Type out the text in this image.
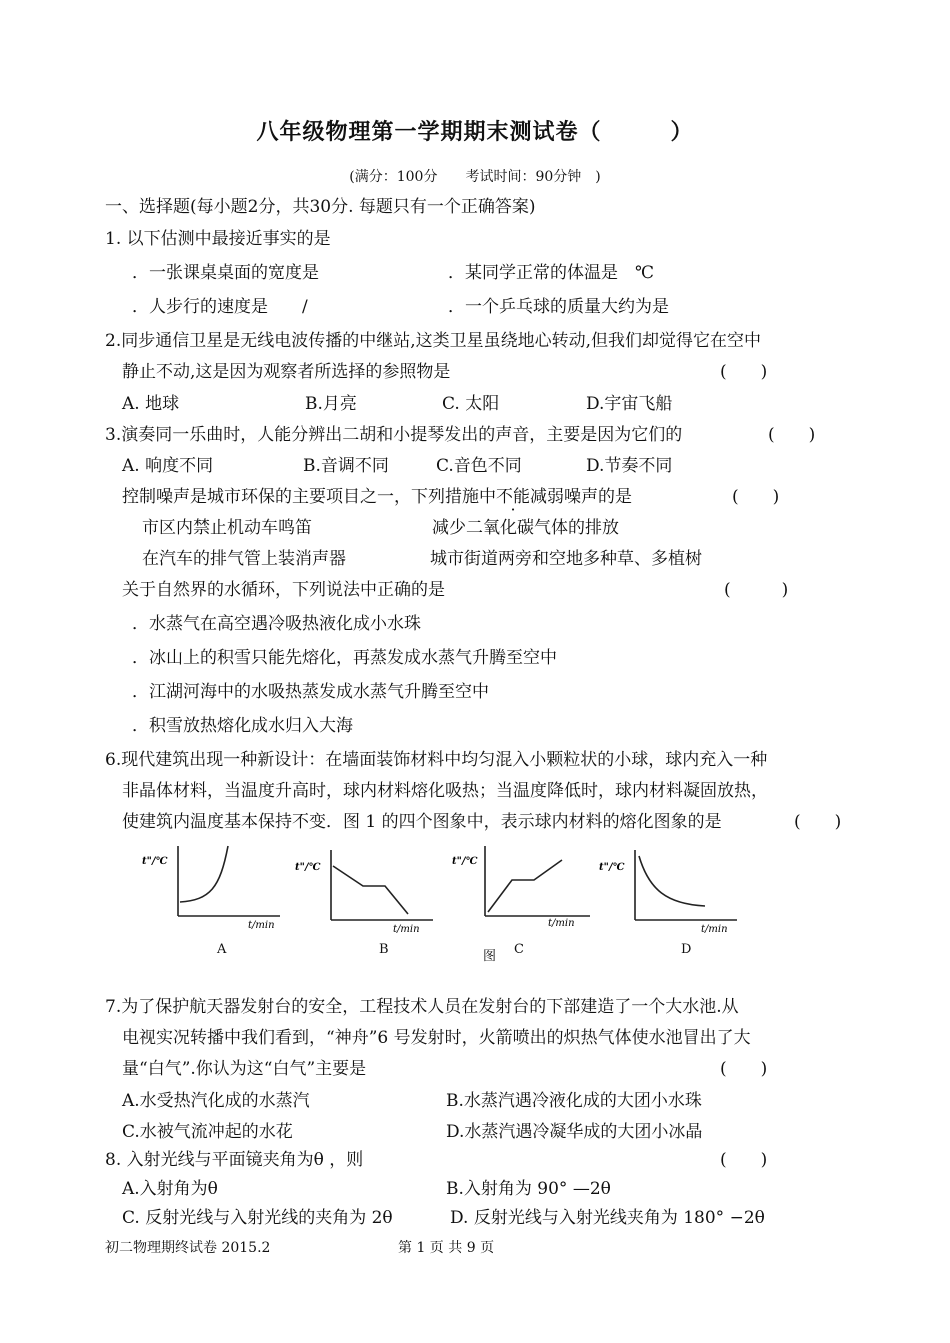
八年级物理第一学期期末测试卷（　　　）
(满分：100分　　考试时间：90分钟　)
一、选择题(每小题2分，共30分. 每题只有一个正确答案)
1. 以下估测中最接近事实的是
．一张课桌桌面的宽度是	．某同学正常的体温是　℃
．人步行的速度是　　/	．一个乒乓球的质量大约为是
2.同步通信卫星是无线电波传播的中继站,这类卫星虽绕地心转动,但我们却觉得它在空中
静止不动,这是因为观察者所选择的参照物是	(　　)
A. 地球	B.月亮	C. 太阳	D.宇宙飞船
3.演奏同一乐曲时，人能分辨出二胡和小提琴发出的声音，主要是因为它们的	(　　)
A. 响度不同	B.音调不同	C.音色不同	D.节奏不同
控制噪声是城市环保的主要项目之一，下列措施中不能减弱噪声的是	(　　)
市区内禁止机动车鸣笛	减少二氧化碳气体的排放
在汽车的排气管上装消声器	城市街道两旁和空地多种草、多植树
关于自然界的水循环，下列说法中正确的是	(　　　)
．水蒸气在高空遇冷吸热液化成小水珠
．冰山上的积雪只能先熔化，再蒸发成水蒸气升腾至空中
．江湖河海中的水吸热蒸发成水蒸气升腾至空中
．积雪放热熔化成水归入大海
6.现代建筑出现一种新设计：在墙面装饰材料中均匀混入小颗粒状的小球，球内充入一种
非晶体材料，当温度升高时，球内材料熔化吸热；当温度降低时，球内材料凝固放热，
使建筑内温度基本保持不变．图 1 的四个图象中，表示球内材料的熔化图象的是	(　　)
t"/℃
t/min
t"/℃
t/min
t"/℃
t/min
t"/℃
t/min
A	B	C	D
图
7.为了保护航天器发射台的安全，工程技术人员在发射台的下部建造了一个大水池.从
电视实况转播中我们看到，“神舟”6 号发射时，火箭喷出的炽热气体使水池冒出了大
量“白气”.你认为这“白气”主要是	(　　)
A.水受热汽化成的水蒸汽	B.水蒸汽遇冷液化成的大团小水珠
C.水被气流冲起的水花	D.水蒸汽遇冷凝华成的大团小冰晶
8. 入射光线与平面镜夹角为θ ，则	(　　)
A.入射角为θ	B.入射角为 90° —2θ
C. 反射光线与入射光线的夹角为 2θ	D. 反射光线与入射光线夹角为 180° −2θ
初二物理期终试卷 2015.2	第 1 页 共 9 页
